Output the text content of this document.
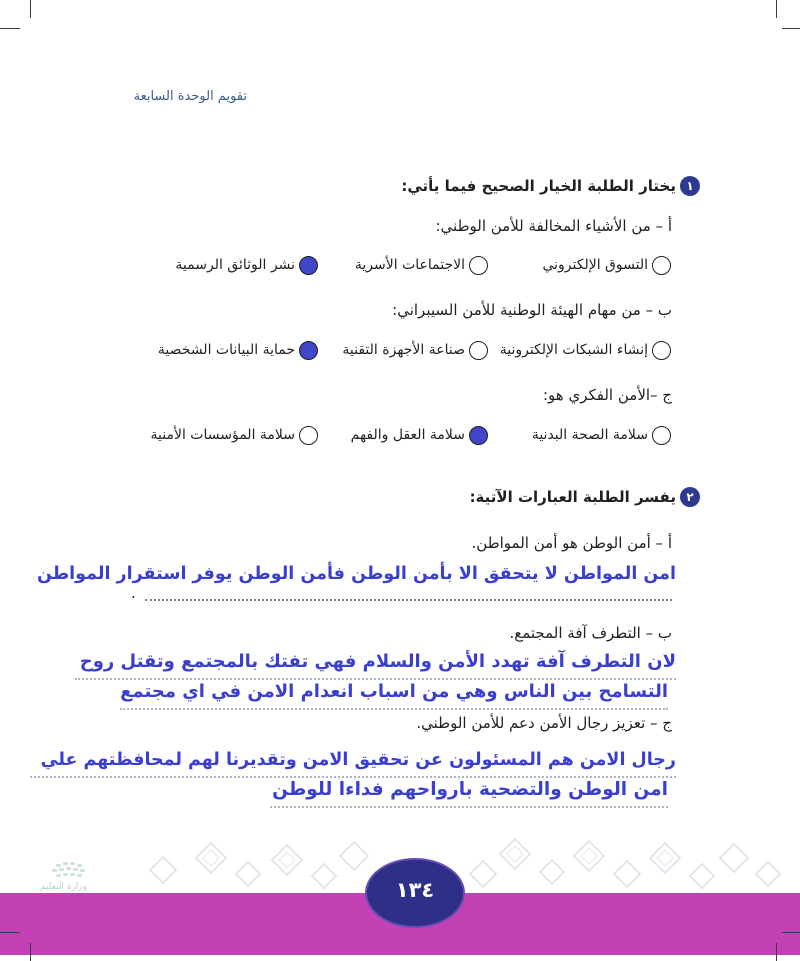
تقويم الوحدة السابعة
١
يختار الطلبة الخيار الصحيح فيما يأتي:
أ – من الأشياء المخالفة للأمن الوطني:
التسوق الإلكتروني
الاجتماعات الأسرية
نشر الوثائق الرسمية
ب – من مهام الهيئة الوطنية للأمن السيبراني:
إنشاء الشبكات الإلكترونية
صناعة الأجهزة التقنية
حماية البيانات الشخصية
ج –الأمن الفكري هو:
سلامة الصحة البدنية
سلامة العقل والفهم
سلامة المؤسسات الأمنية
٢
يفسر الطلبة العبارات الآتية:
أ – أمن الوطن هو أمن المواطن.
امن المواطن لا يتحقق الا بأمن الوطن فأمن الوطن يوفر استقرار المواطن
.
ب – التطرف آفة المجتمع.
لان التطرف آفة تهدد الأمن والسلام فهي تفتك بالمجتمع وتقتل روح
التسامح بين الناس وهي من اسباب انعدام الامن في اي مجتمع
ج – تعزيز رجال الأمن دعم للأمن الوطني.
رجال الامن هم المسئولون عن تحقيق الامن وتقديرنا لهم لمحافظتهم علي
امن الوطن والتضحية بارواحهم فداءا للوطن
وزارة التعليم	١٣٤
